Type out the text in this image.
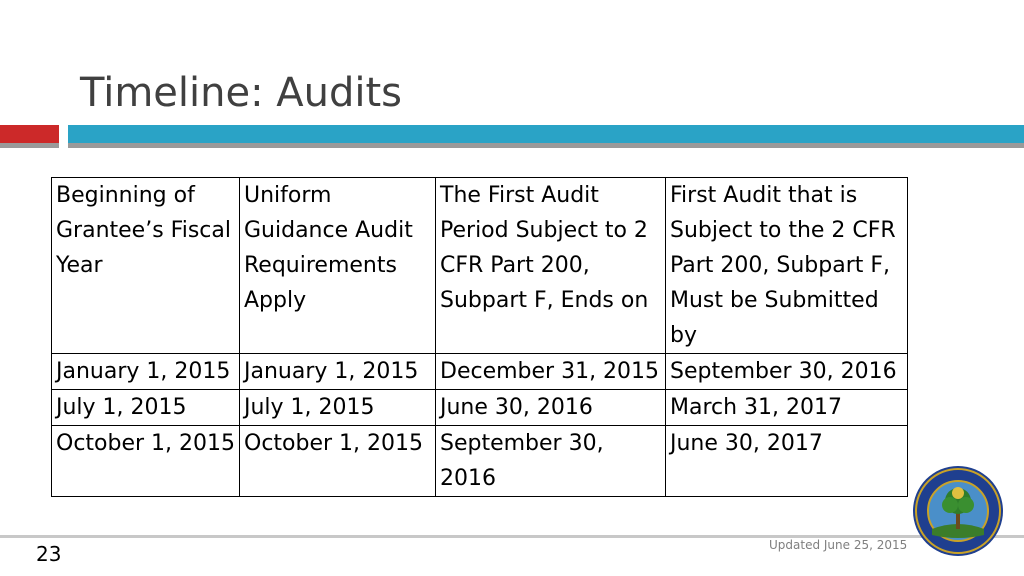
Timeline: Audits
Beginning of Grantee’s Fiscal Year	Uniform Guidance Audit Requirements Apply	The First Audit Period Subject to 2 CFR Part 200, Subpart F, Ends on	First Audit that is Subject to the 2 CFR Part 200, Subpart F, Must be Submitted by
January 1, 2015	January 1, 2015	December 31, 2015	September 30, 2016
July 1, 2015	July 1, 2015	June 30, 2016	March 31, 2017
October 1, 2015	October 1, 2015	September 30, 2016	June 30, 2017
23	Updated June 25, 2015
